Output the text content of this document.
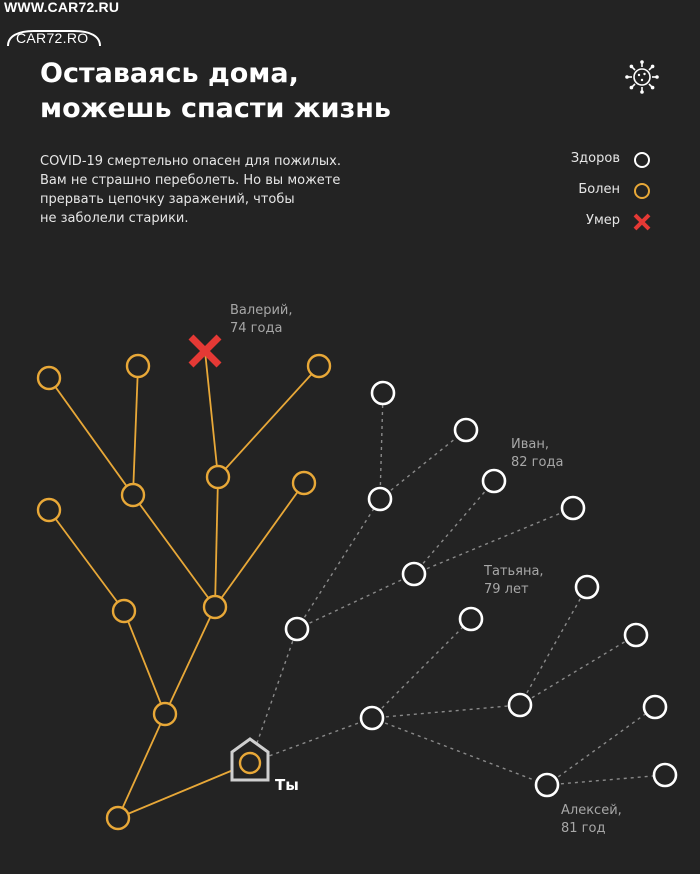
WWW.CAR72.RU
CAR72.RO
Оставаясь дома,
можешь спасти жизнь
COVID-19 смертельно опасен для пожилых.
Вам не страшно переболеть. Но вы можете
прервать цепочку заражений, чтобы
не заболели старики.
Здоров
Болен
Умер
Валерий,
74 года
Иван,
82 года
Татьяна,
79 лет
Алексей,
81 год
Ты
